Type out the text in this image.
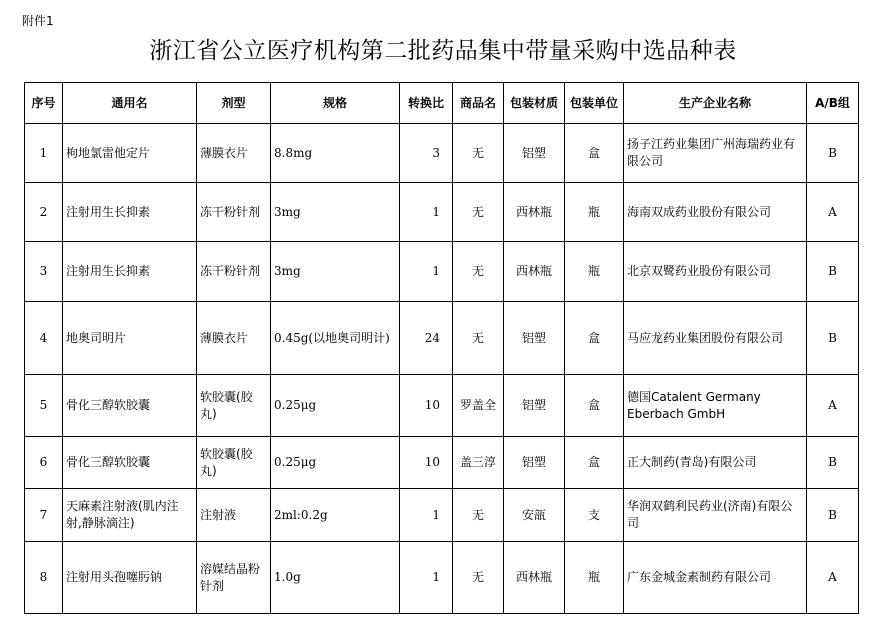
附件1
浙江省公立医疗机构第二批药品集中带量采购中选品种表
序号	通用名	剂型	规格	转换比	商品名	包装材质	包装单位	生产企业名称	A/B组
1	枸地氯雷他定片	薄膜衣片	8.8mg	3	无	铝塑	盒	扬子江药业集团广州海瑞药业有限公司	B
2	注射用生长抑素	冻干粉针剂	3mg	1	无	西林瓶	瓶	海南双成药业股份有限公司	A
3	注射用生长抑素	冻干粉针剂	3mg	1	无	西林瓶	瓶	北京双鹭药业股份有限公司	B
4	地奥司明片	薄膜衣片	0.45g(以地奥司明计)	24	无	铝塑	盒	马应龙药业集团股份有限公司	B
5	骨化三醇软胶囊	软胶囊(胶丸)	0.25μg	10	罗盖全	铝塑	盒	德国Catalent Germany Eberbach GmbH	A
6	骨化三醇软胶囊	软胶囊(胶丸)	0.25μg	10	盖三淳	铝塑	盒	正大制药(青岛)有限公司	B
7	天麻素注射液(肌内注射,静脉滴注)	注射液	2ml:0.2g	1	无	安瓿	支	华润双鹤利民药业(济南)有限公司	B
8	注射用头孢噻肟钠	溶媒结晶粉针剂	1.0g	1	无	西林瓶	瓶	广东金城金素制药有限公司	A
